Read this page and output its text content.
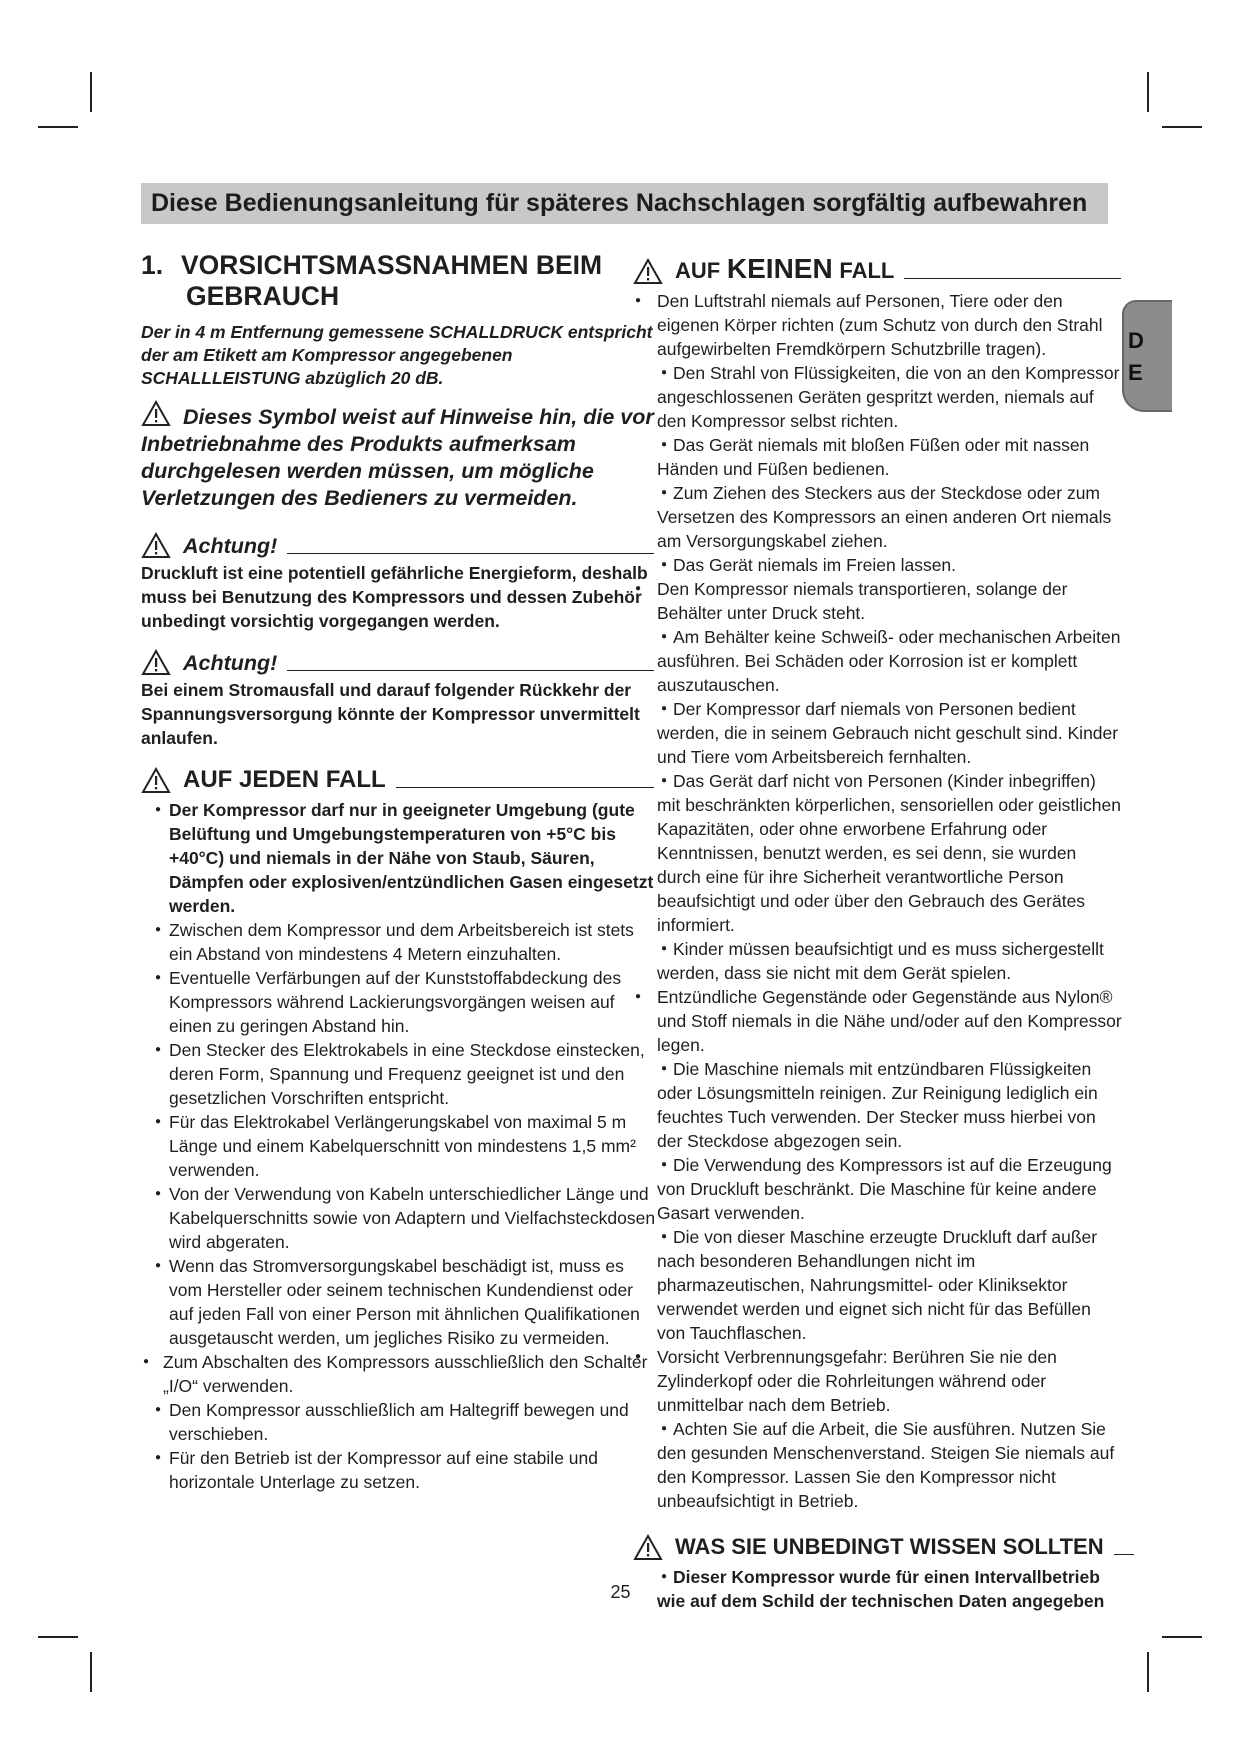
Diese Bedienungsanleitung für späteres Nachschlagen sorgfältig aufbewahren
D
E
1. VORSICHTSMASSNAHMEN BEIM
GEBRAUCH
Der in 4 m Entfernung gemessene SCHALLDRUCK entspricht der am Etikett am Kompressor angegebenen SCHALLLEISTUNG abzüglich 20 dB.
Dieses Symbol weist auf Hinweise hin, die vor Inbetriebnahme des Produkts aufmerksam durchgelesen werden müssen, um mögliche Verletzungen des Bedieners zu vermeiden.
Achtung!
Druckluft ist eine potentiell gefährliche Energieform, deshalb muss bei Benutzung des Kompressors und dessen Zubehör unbedingt vorsichtig vorgegangen werden.
Achtung!
Bei einem Stromausfall und darauf folgender Rückkehr der Spannungsversorgung könnte der Kompressor unvermittelt anlaufen.
AUF JEDEN FALL
● Der Kompressor darf nur in geeigneter Umgebung (gute Belüftung und Umgebungstemperaturen von +5°C bis +40°C) und niemals in der Nähe von Staub, Säuren, Dämpfen oder explosiven/entzündlichen Gasen eingesetzt werden.
● Zwischen dem Kompressor und dem Arbeitsbereich ist stets ein Abstand von mindestens 4 Metern einzuhalten.
● Eventuelle Verfärbungen auf der Kunststoffabdeckung des Kompressors während Lackierungsvorgängen weisen auf einen zu geringen Abstand hin.
● Den Stecker des Elektrokabels in eine Steckdose einstecken, deren Form, Spannung und Frequenz geeignet ist und den gesetzlichen Vorschriften entspricht.
● Für das Elektrokabel Verlängerungskabel von maximal 5 m Länge und einem Kabelquerschnitt von mindestens 1,5 mm² verwenden.
● Von der Verwendung von Kabeln unterschiedlicher Länge und Kabelquerschnitts sowie von Adaptern und Vielfachsteckdosen wird abgeraten.
● Wenn das Stromversorgungskabel beschädigt ist, muss es vom Hersteller oder seinem technischen Kundendienst oder auf jeden Fall von einer Person mit ähnlichen Qualifikationen ausgetauscht werden, um jegliches Risiko zu vermeiden.
● Zum Abschalten des Kompressors ausschließlich den Schalter „I/O“ verwenden.
● Den Kompressor ausschließlich am Haltegriff bewegen und verschieben.
● Für den Betrieb ist der Kompressor auf eine stabile und horizontale Unterlage zu setzen.
AUF KEINEN FALL
● Den Luftstrahl niemals auf Personen, Tiere oder den eigenen Körper richten (zum Schutz von durch den Strahl aufgewirbelten Fremdkörpern Schutzbrille tragen).
● Den Strahl von Flüssigkeiten, die von an den Kompressor angeschlossenen Geräten gespritzt werden, niemals auf den Kompressor selbst richten.
● Das Gerät niemals mit bloßen Füßen oder mit nassen Händen und Füßen bedienen.
● Zum Ziehen des Steckers aus der Steckdose oder zum Versetzen des Kompressors an einen anderen Ort niemals am Versorgungskabel ziehen.
● Das Gerät niemals im Freien lassen.
● Den Kompressor niemals transportieren, solange der Behälter unter Druck steht.
● Am Behälter keine Schweiß- oder mechanischen Arbeiten ausführen. Bei Schäden oder Korrosion ist er komplett auszutauschen.
● Der Kompressor darf niemals von Personen bedient werden, die in seinem Gebrauch nicht geschult sind. Kinder und Tiere vom Arbeitsbereich fernhalten.
● Das Gerät darf nicht von Personen (Kinder inbegriffen) mit beschränkten körperlichen, sensoriellen oder geistlichen Kapazitäten, oder ohne erworbene Erfahrung oder Kenntnissen, benutzt werden, es sei denn, sie wurden durch eine für ihre Sicherheit verantwortliche Person beaufsichtigt und oder über den Gebrauch des Gerätes informiert.
● Kinder müssen beaufsichtigt und es muss sichergestellt werden, dass sie nicht mit dem Gerät spielen.
● Entzündliche Gegenstände oder Gegenstände aus Nylon® und Stoff niemals in die Nähe und/oder auf den Kompressor legen.
● Die Maschine niemals mit entzündbaren Flüssigkeiten oder Lösungsmitteln reinigen. Zur Reinigung lediglich ein feuchtes Tuch verwenden. Der Stecker muss hierbei von der Steckdose abgezogen sein.
● Die Verwendung des Kompressors ist auf die Erzeugung von Druckluft beschränkt. Die Maschine für keine andere Gasart verwenden.
● Die von dieser Maschine erzeugte Druckluft darf außer nach besonderen Behandlungen nicht im pharmazeutischen, Nahrungsmittel- oder Kliniksektor verwendet werden und eignet sich nicht für das Befüllen von Tauchflaschen.
● Vorsicht Verbrennungsgefahr: Berühren Sie nie den Zylinderkopf oder die Rohrleitungen während oder unmittelbar nach dem Betrieb.
● Achten Sie auf die Arbeit, die Sie ausführen. Nutzen Sie den gesunden Menschenverstand. Steigen Sie niemals auf den Kompressor. Lassen Sie den Kompressor nicht unbeaufsichtigt in Betrieb.
WAS SIE UNBEDINGT WISSEN SOLLTEN
● Dieser Kompressor wurde für einen Intervallbetrieb wie auf dem Schild der technischen Daten angegeben
25
